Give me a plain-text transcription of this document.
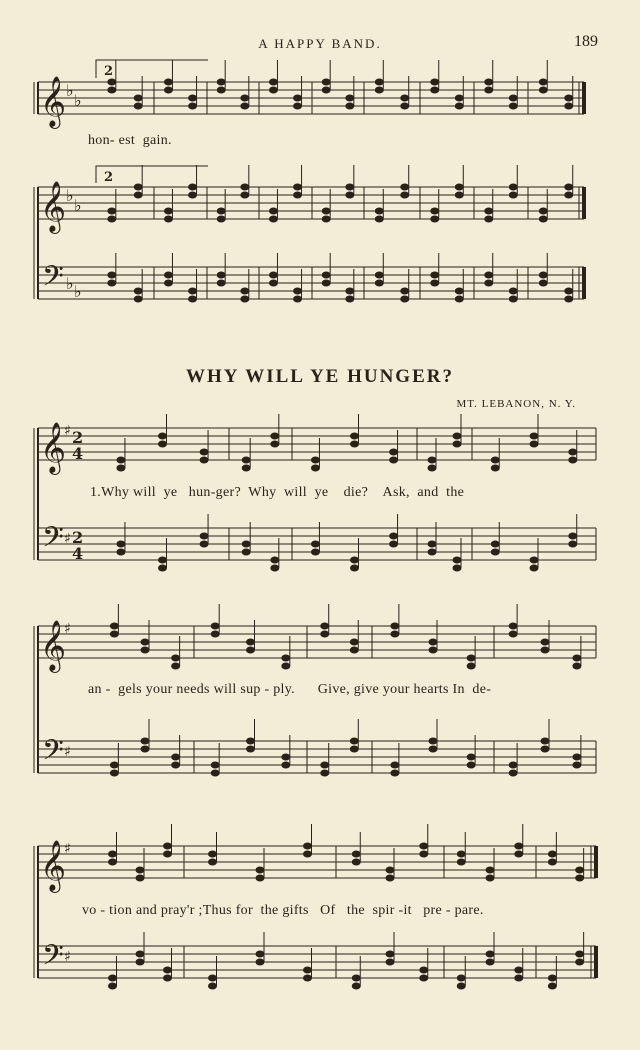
A HAPPY BAND.	189
𝄞 ♭
♭
𝄞 ♭
♭
𝄢 ♭ ♭
𝄞
♯ 2
4
𝄢 ♯ 2
4
𝄞
♯
𝄢 ♯
𝄞
♯
𝄢 ♯
2
2
hon- est  gain.
WHY WILL YE HUNGER?
MT. LEBANON, N. Y.
1.Why will  ye   hun-ger?  Why  will  ye    die?    Ask,  and  the
an -  gels your needs will sup - ply.      Give, give your hearts In  de-
vo - tion and pray'r ;Thus for  the gifts   Of   the  spir -it   pre - pare.
